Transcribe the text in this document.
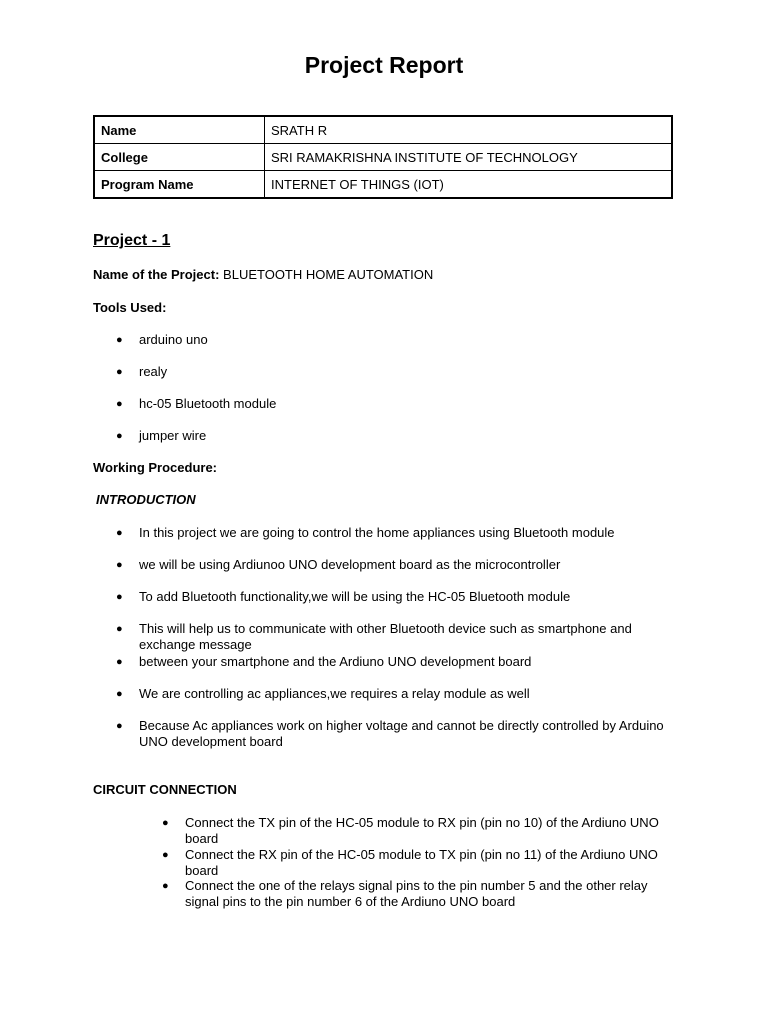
Project Report
Name	SRATH R
College	SRI RAMAKRISHNA INSTITUTE OF TECHNOLOGY
Program Name	INTERNET OF THINGS (IOT)
Project - 1
Name of the Project: BLUETOOTH HOME AUTOMATION
Tools Used:
● arduino uno
● realy
● hc-05 Bluetooth module
● jumper wire
Working Procedure:
INTRODUCTION
● In this project we are going to control the home appliances using Bluetooth module
● we will be using Ardiunoo UNO development board as the microcontroller
● To add Bluetooth functionality,we will be using the HC-05 Bluetooth module
● This will help us to communicate with other Bluetooth device such as smartphone and exchange message
● between your smartphone and the Ardiuno UNO development board
● We are controlling ac appliances,we requires a relay module as well
● Because Ac appliances work on higher voltage and cannot be directly controlled by Arduino UNO development board
CIRCUIT CONNECTION
● Connect the TX pin of the HC-05 module to RX pin (pin no 10) of the Ardiuno UNO board
● Connect the RX pin of the HC-05 module to TX pin (pin no 11) of the Ardiuno UNO board
● Connect the one of the relays signal pins to the pin number 5 and the other relay signal pins to the pin number 6 of the Ardiuno UNO board
